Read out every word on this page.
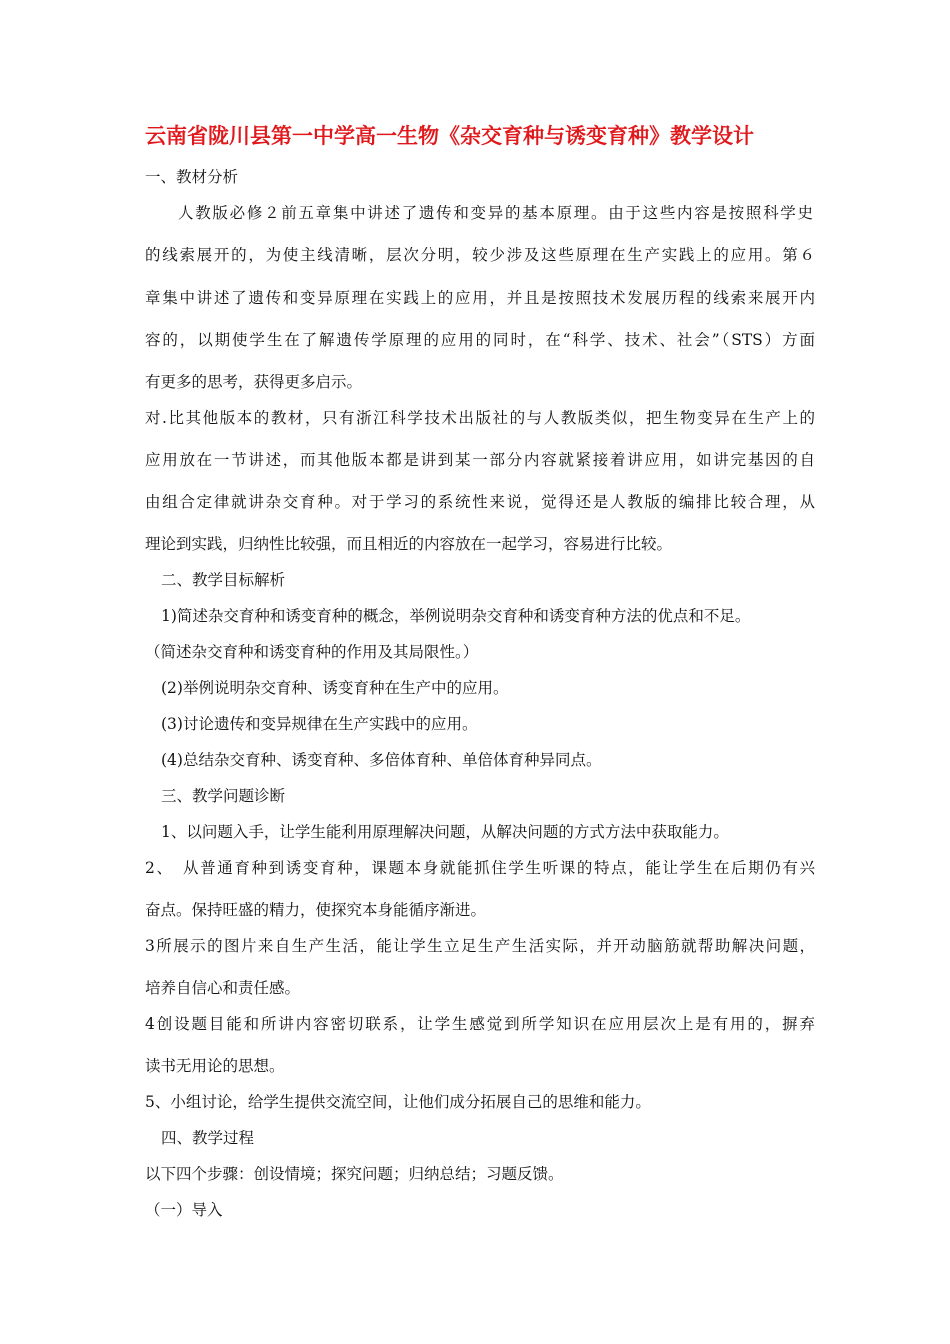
云南省陇川县第一中学高一生物《杂交育种与诱变育种》教学设计
一、教材分析
人教版必修２前五章集中讲述了遗传和变异的基本原理。由于这些内容是按照科学史
的线索展开的，为使主线清晰，层次分明，较少涉及这些原理在生产实践上的应用。第６
章集中讲述了遗传和变异原理在实践上的应用，并且是按照技术发展历程的线索来展开内
容的，以期使学生在了解遗传学原理的应用的同时，在“科学、技术、社会”（STS）方面
有更多的思考，获得更多启示。
对.比其他版本的教材，只有浙江科学技术出版社的与人教版类似，把生物变异在生产上的
应用放在一节讲述，而其他版本都是讲到某一部分内容就紧接着讲应用，如讲完基因的自
由组合定律就讲杂交育种。对于学习的系统性来说，觉得还是人教版的编排比较合理，从
理论到实践，归纳性比较强，而且相近的内容放在一起学习，容易进行比较。
二、教学目标解析
1)简述杂交育种和诱变育种的概念，举例说明杂交育种和诱变育种方法的优点和不足。
（简述杂交育种和诱变育种的作用及其局限性。）
(2)举例说明杂交育种、诱变育种在生产中的应用。
(3)讨论遗传和变异规律在生产实践中的应用。
(4)总结杂交育种、诱变育种、多倍体育种、单倍体育种异同点。
三、教学问题诊断
1、以问题入手，让学生能利用原理解决问题，从解决问题的方式方法中获取能力。
2、　从普通育种到诱变育种，课题本身就能抓住学生听课的特点，能让学生在后期仍有兴
奋点。保持旺盛的精力，使探究本身能循序渐进。
3所展示的图片来自生产生活，能让学生立足生产生活实际，并开动脑筋就帮助解决问题，
培养自信心和责任感。
4创设题目能和所讲内容密切联系，让学生感觉到所学知识在应用层次上是有用的，摒弃
读书无用论的思想。
5、小组讨论，给学生提供交流空间，让他们成分拓展自己的思维和能力。
四、教学过程
以下四个步骤：创设情境；探究问题；归纳总结；习题反馈。
（一）导入
